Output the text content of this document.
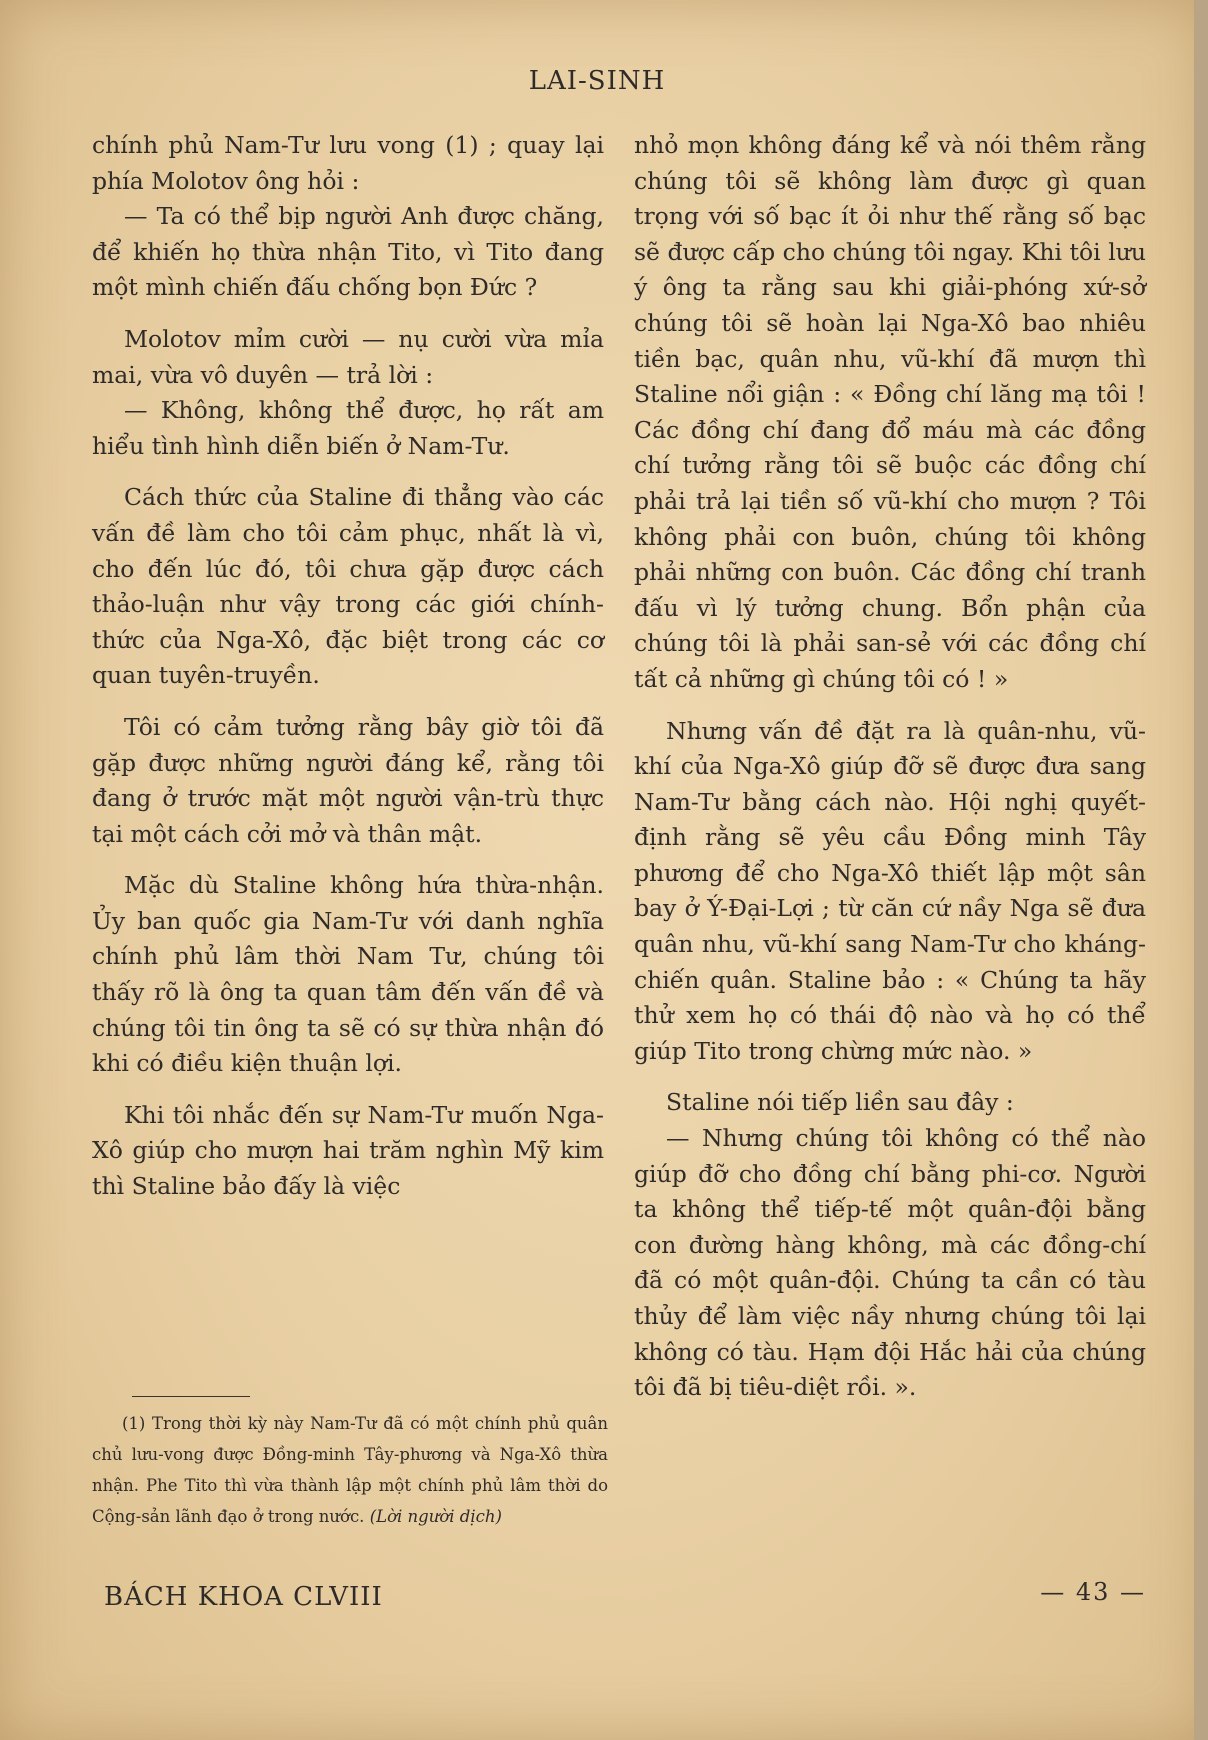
LAI-SINH

chính phủ Nam-Tư lưu vong (1) ; quay lại phía Molotov ông hỏi :

— Ta có thể bịp người Anh được chăng, để khiến họ thừa nhận Tito, vì Tito đang một mình chiến đấu chống bọn Đức ?

Molotov mỉm cười — nụ cười vừa mỉa mai, vừa vô duyên — trả lời :

— Không, không thể được, họ rất am hiểu tình hình diễn biến ở Nam-Tư.

Cách thức của Staline đi thẳng vào các vấn đề làm cho tôi cảm phục, nhất là vì, cho đến lúc đó, tôi chưa gặp được cách thảo-luận như vậy trong các giới chính-thức của Nga-Xô, đặc biệt trong các cơ quan tuyên-truyền.

Tôi có cảm tưởng rằng bây giờ tôi đã gặp được những người đáng kể, rằng tôi đang ở trước mặt một người vận-trù thực tại một cách cởi mở và thân mật.

Mặc dù Staline không hứa thừa-nhận. Ủy ban quốc gia Nam-Tư với danh nghĩa chính phủ lâm thời Nam Tư, chúng tôi thấy rõ là ông ta quan tâm đến vấn đề và chúng tôi tin ông ta sẽ có sự thừa nhận đó khi có điều kiện thuận lợi.

Khi tôi nhắc đến sự Nam-Tư muốn Nga-Xô giúp cho mượn hai trăm nghìn Mỹ kim thì Staline bảo đấy là việc

nhỏ mọn không đáng kể và nói thêm rằng chúng tôi sẽ không làm được gì quan trọng với số bạc ít ỏi như thế rằng số bạc sẽ được cấp cho chúng tôi ngay. Khi tôi lưu ý ông ta rằng sau khi giải-phóng xứ-sở chúng tôi sẽ hoàn lại Nga-Xô bao nhiêu tiền bạc, quân nhu, vũ-khí đã mượn thì Staline nổi giận : « Đồng chí lăng mạ tôi ! Các đồng chí đang đổ máu mà các đồng chí tưởng rằng tôi sẽ buộc các đồng chí phải trả lại tiền số vũ-khí cho mượn ? Tôi không phải con buôn, chúng tôi không phải những con buôn. Các đồng chí tranh đấu vì lý tưởng chung. Bổn phận của chúng tôi là phải san-sẻ với các đồng chí tất cả những gì chúng tôi có ! »

Nhưng vấn đề đặt ra là quân-nhu, vũ-khí của Nga-Xô giúp đỡ sẽ được đưa sang Nam-Tư bằng cách nào. Hội nghị quyết-định rằng sẽ yêu cầu Đồng minh Tây phương để cho Nga-Xô thiết lập một sân bay ở Ý-Đại-Lợi ; từ căn cứ nầy Nga sẽ đưa quân nhu, vũ-khí sang Nam-Tư cho kháng-chiến quân. Staline bảo : « Chúng ta hãy thử xem họ có thái độ nào và họ có thể giúp Tito trong chừng mức nào. »

Staline nói tiếp liền sau đây :

— Nhưng chúng tôi không có thể nào giúp đỡ cho đồng chí bằng phi-cơ. Người ta không thể tiếp-tế một quân-đội bằng con đường hàng không, mà các đồng-chí đã có một quân-đội. Chúng ta cần có tàu thủy để làm việc nầy nhưng chúng tôi lại không có tàu. Hạm đội Hắc hải của chúng tôi đã bị tiêu-diệt rồi. ».

(1) Trong thời kỳ này Nam-Tư đã có một chính phủ quân chủ lưu-vong được Đồng-minh Tây-phương và Nga-Xô thừa nhận. Phe Tito thì vừa thành lập một chính phủ lâm thời do Cộng-sản lãnh đạo ở trong nước. (Lời người dịch)

BÁCH KHOA CLVIII	— 43 —
